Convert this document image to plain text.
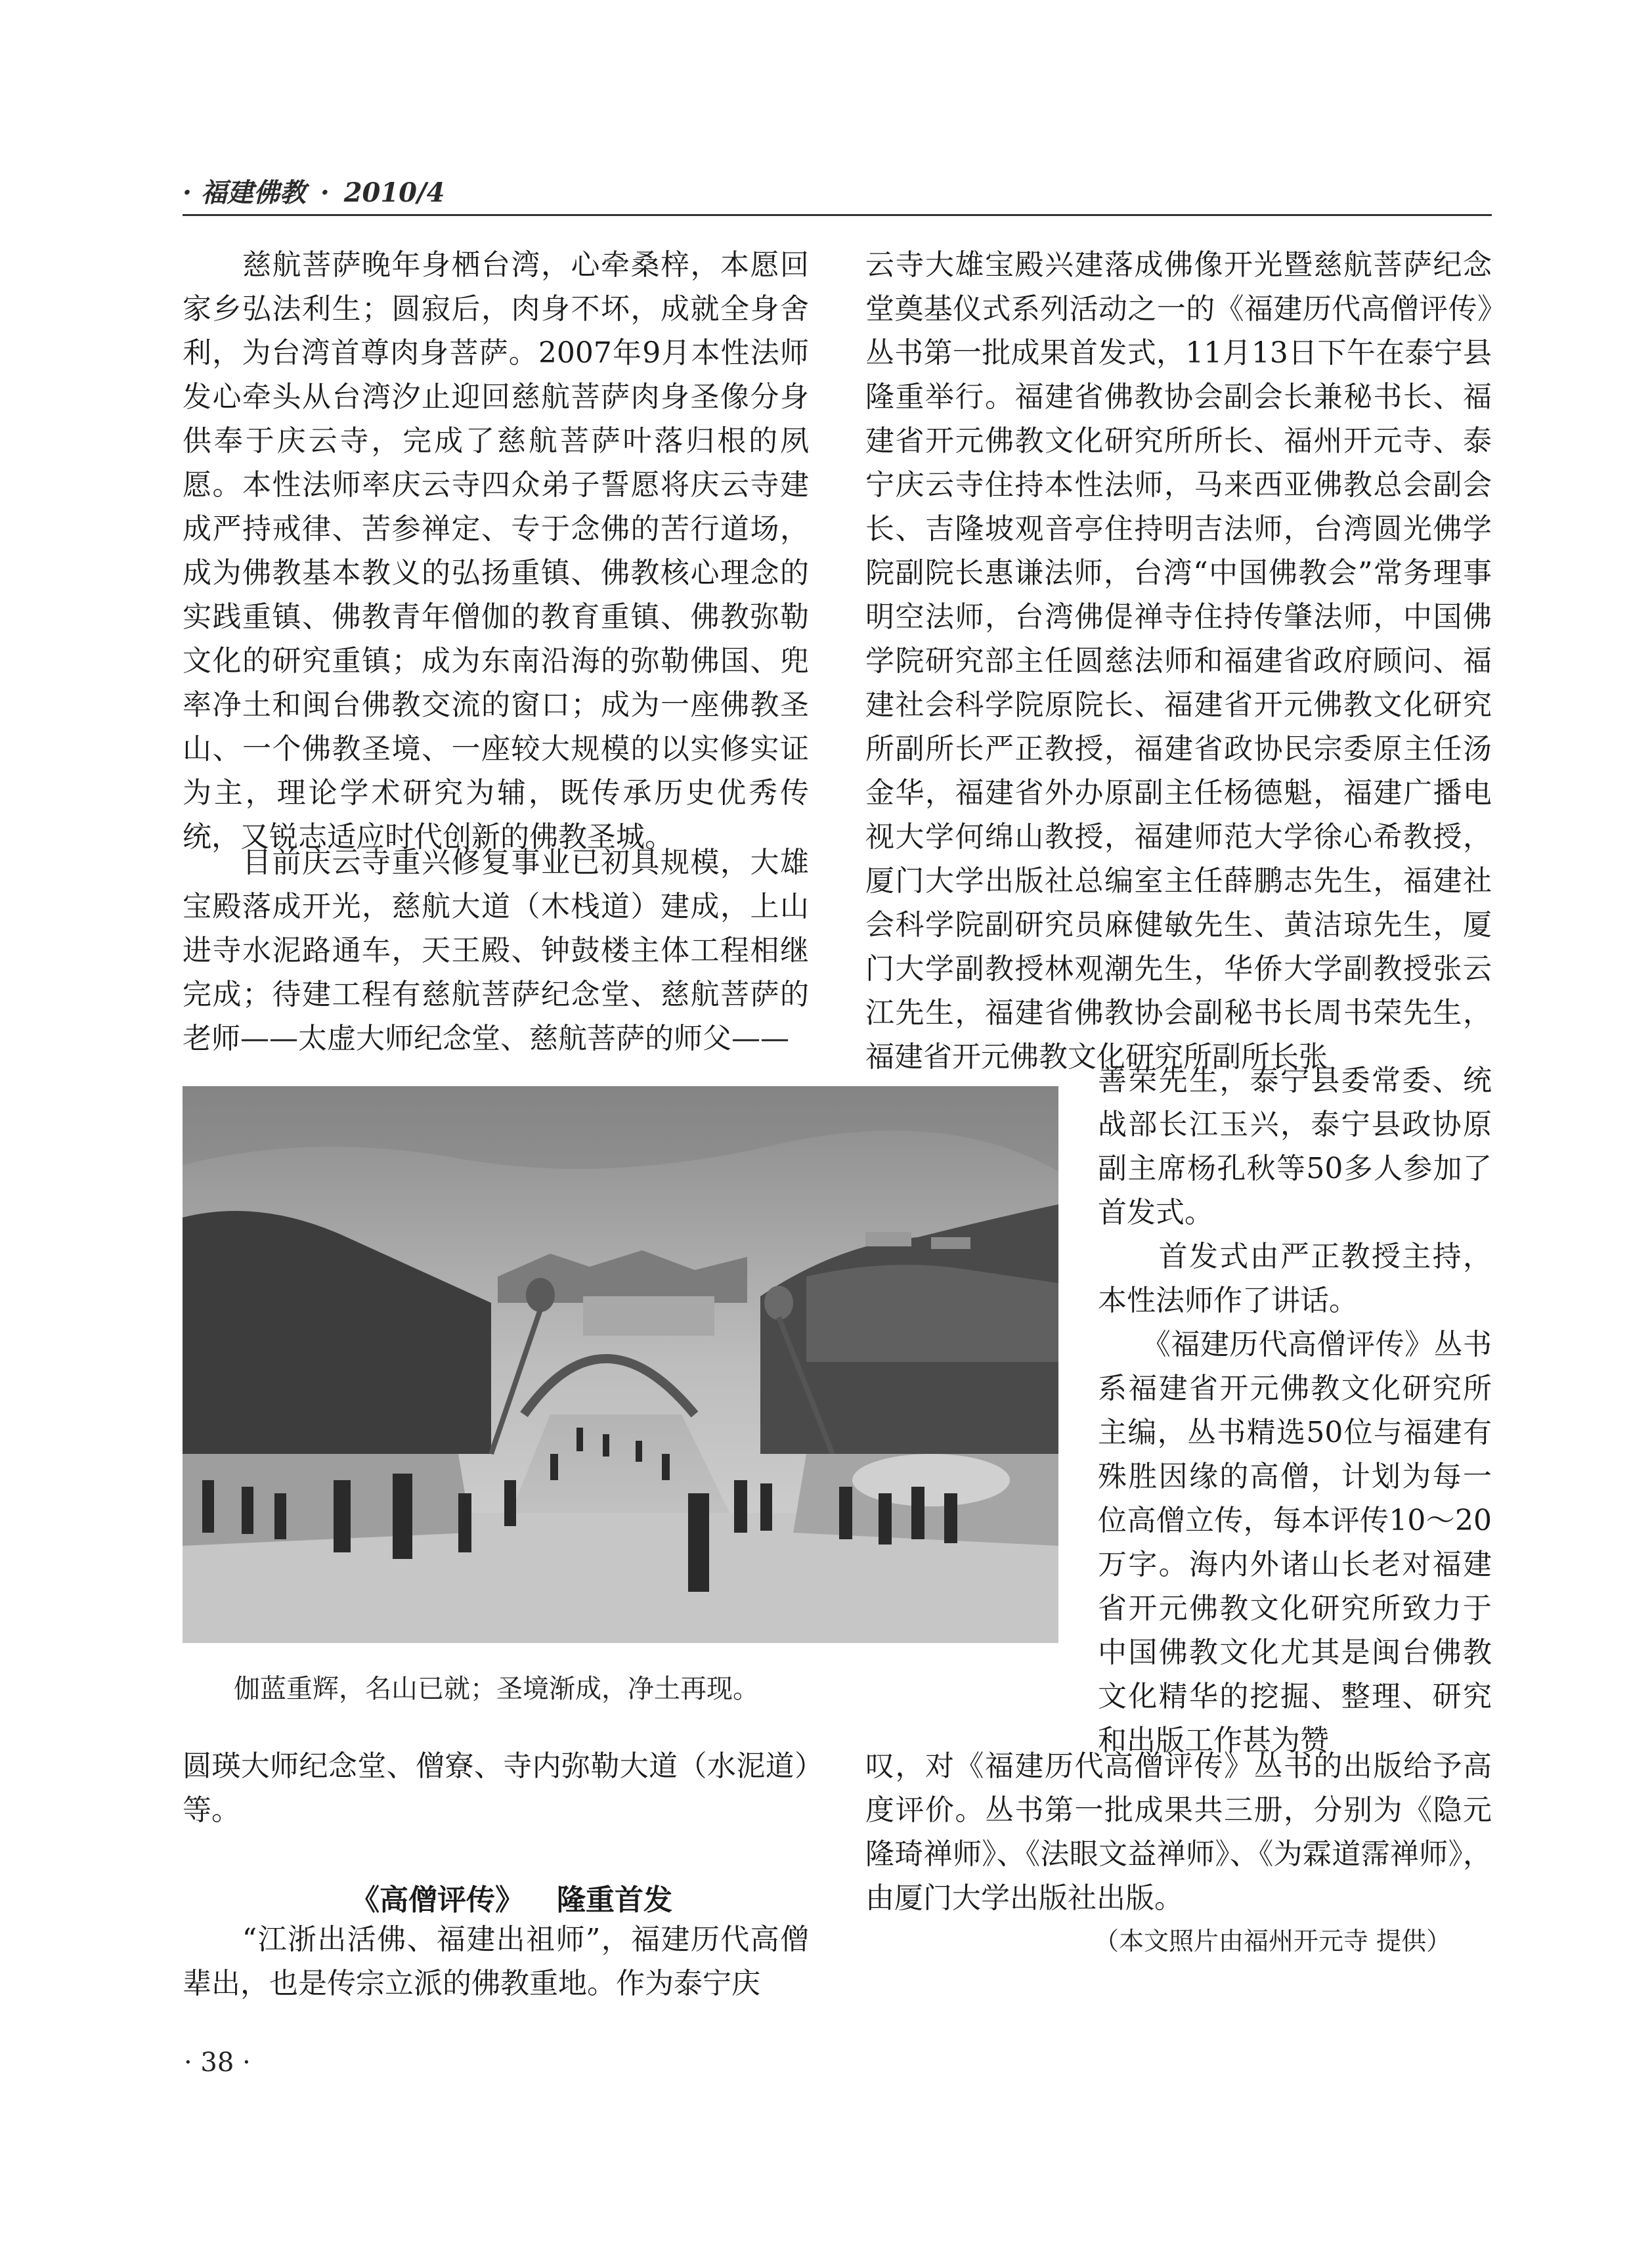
· 福建佛教 · 2010/4

　　慈航菩萨晚年身栖台湾，心牵桑梓，本愿回家乡弘法利生；圆寂后，肉身不坏，成就全身舍利，为台湾首尊肉身菩萨。2007年9月本性法师发心牵头从台湾汐止迎回慈航菩萨肉身圣像分身供奉于庆云寺，完成了慈航菩萨叶落归根的夙愿。本性法师率庆云寺四众弟子誓愿将庆云寺建成严持戒律、苦参禅定、专于念佛的苦行道场，成为佛教基本教义的弘扬重镇、佛教核心理念的实践重镇、佛教青年僧伽的教育重镇、佛教弥勒文化的研究重镇；成为东南沿海的弥勒佛国、兜率净土和闽台佛教交流的窗口；成为一座佛教圣山、一个佛教圣境、一座较大规模的以实修实证为主，理论学术研究为辅，既传承历史优秀传统，又锐志适应时代创新的佛教圣城。

　　目前庆云寺重兴修复事业已初具规模，大雄宝殿落成开光，慈航大道（木栈道）建成，上山进寺水泥路通车，天王殿、钟鼓楼主体工程相继完成；待建工程有慈航菩萨纪念堂、慈航菩萨的老师——太虚大师纪念堂、慈航菩萨的师父——

伽蓝重辉，名山已就；圣境渐成，净土再现。

圆瑛大师纪念堂、僧寮、寺内弥勒大道（水泥道）等。

《高僧评传》 隆重首发

　　“江浙出活佛、福建出祖师”，福建历代高僧辈出，也是传宗立派的佛教重地。作为泰宁庆

云寺大雄宝殿兴建落成佛像开光暨慈航菩萨纪念堂奠基仪式系列活动之一的《福建历代高僧评传》丛书第一批成果首发式，11月13日下午在泰宁县隆重举行。福建省佛教协会副会长兼秘书长、福建省开元佛教文化研究所所长、福州开元寺、泰宁庆云寺住持本性法师，马来西亚佛教总会副会长、吉隆坡观音亭住持明吉法师，台湾圆光佛学院副院长惠谦法师，台湾“中国佛教会”常务理事明空法师，台湾佛偍禅寺住持传肇法师，中国佛学院研究部主任圆慈法师和福建省政府顾问、福建社会科学院原院长、福建省开元佛教文化研究所副所长严正教授，福建省政协民宗委原主任汤金华，福建省外办原副主任杨德魁，福建广播电视大学何绵山教授，福建师范大学徐心希教授，厦门大学出版社总编室主任薛鹏志先生，福建社会科学院副研究员麻健敏先生、黄洁琼先生，厦门大学副教授林观潮先生，华侨大学副教授张云江先生，福建省佛教协会副秘书长周书荣先生，福建省开元佛教文化研究所副所长张

善荣先生，泰宁县委常委、统战部长江玉兴，泰宁县政协原副主席杨孔秋等50多人参加了首发式。

　　首发式由严正教授主持，本性法师作了讲话。

　　《福建历代高僧评传》丛书系福建省开元佛教文化研究所主编，丛书精选50位与福建有殊胜因缘的高僧，计划为每一位高僧立传，每本评传10～20万字。海内外诸山长老对福建省开元佛教文化研究所致力于中国佛教文化尤其是闽台佛教文化精华的挖掘、整理、研究和出版工作甚为赞

叹，对《福建历代高僧评传》丛书的出版给予高度评价。丛书第一批成果共三册，分别为《隐元隆琦禅师》、《法眼文益禅师》、《为霖道霈禅师》，由厦门大学出版社出版。

（本文照片由福州开元寺 提供）
· 38 ·
